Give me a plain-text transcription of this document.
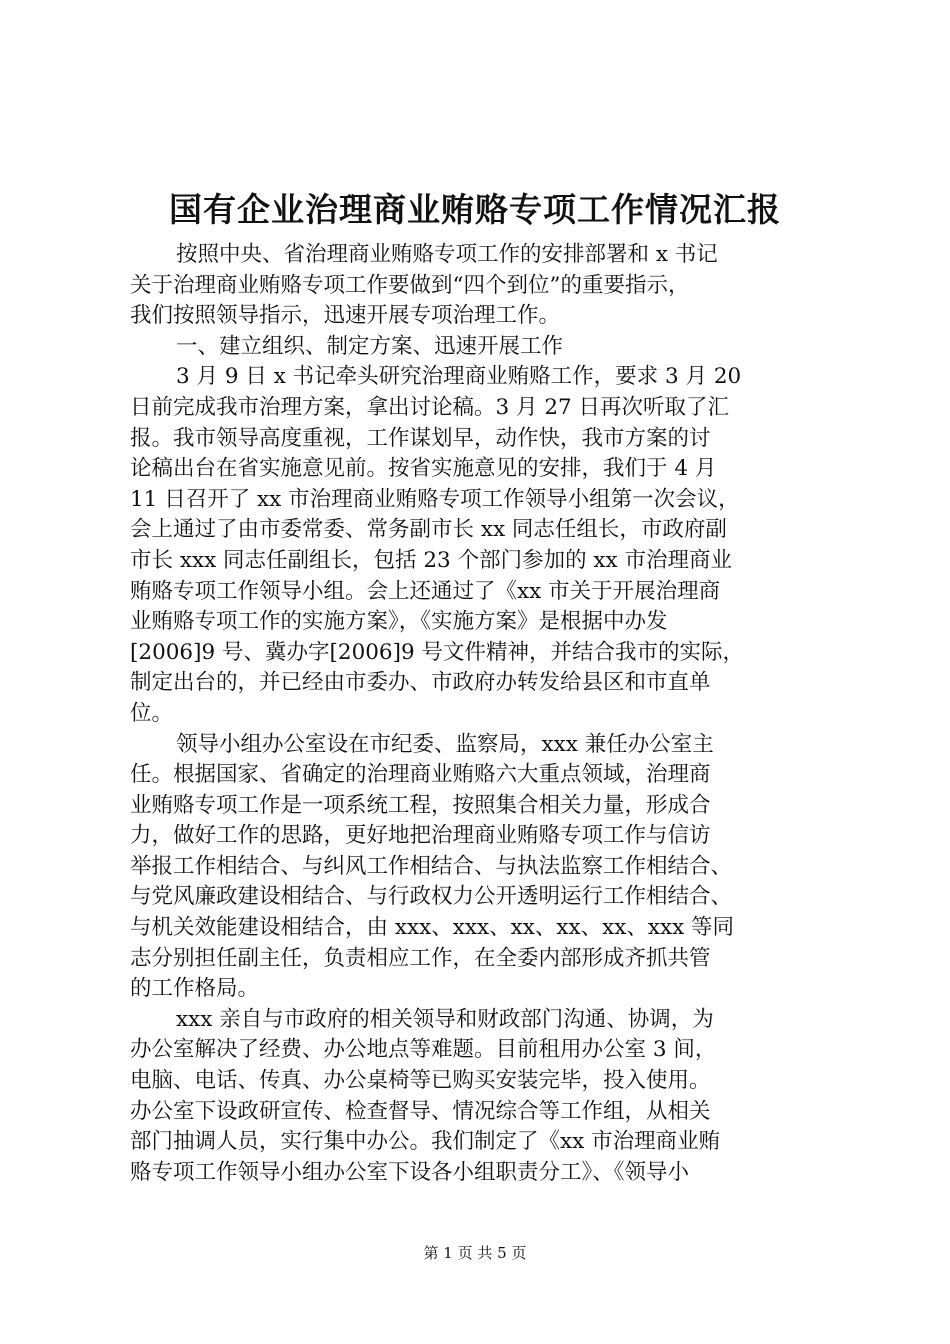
国有企业治理商业贿赂专项工作情况汇报
按照中央、省治理商业贿赂专项工作的安排部署和 x 书记
关于治理商业贿赂专项工作要做到“四个到位”的重要指示，
我们按照领导指示，迅速开展专项治理工作。
一、建立组织、制定方案、迅速开展工作
3 月 9 日 x 书记牵头研究治理商业贿赂工作，要求 3 月 20
日前完成我市治理方案，拿出讨论稿。3 月 27 日再次听取了汇
报。我市领导高度重视，工作谋划早，动作快，我市方案的讨
论稿出台在省实施意见前。按省实施意见的安排，我们于 4 月
11 日召开了 xx 市治理商业贿赂专项工作领导小组第一次会议，
会上通过了由市委常委、常务副市长 xx 同志任组长，市政府副
市长 xxx 同志任副组长，包括 23 个部门参加的 xx 市治理商业
贿赂专项工作领导小组。会上还通过了《xx 市关于开展治理商
业贿赂专项工作的实施方案》，《实施方案》是根据中办发
[2006]9 号、冀办字[2006]9 号文件精神，并结合我市的实际，
制定出台的，并已经由市委办、市政府办转发给县区和市直单
位。
领导小组办公室设在市纪委、监察局，xxx 兼任办公室主
任。根据国家、省确定的治理商业贿赂六大重点领域，治理商
业贿赂专项工作是一项系统工程，按照集合相关力量，形成合
力，做好工作的思路，更好地把治理商业贿赂专项工作与信访
举报工作相结合、与纠风工作相结合、与执法监察工作相结合、
与党风廉政建设相结合、与行政权力公开透明运行工作相结合、
与机关效能建设相结合，由 xxx、xxx、xx、xx、xx、xxx 等同
志分别担任副主任，负责相应工作，在全委内部形成齐抓共管
的工作格局。
xxx 亲自与市政府的相关领导和财政部门沟通、协调，为
办公室解决了经费、办公地点等难题。目前租用办公室 3 间，
电脑、电话、传真、办公桌椅等已购买安装完毕，投入使用。
办公室下设政研宣传、检查督导、情况综合等工作组，从相关
部门抽调人员，实行集中办公。我们制定了《xx 市治理商业贿
赂专项工作领导小组办公室下设各小组职责分工》、《领导小
第 1 页 共 5 页
